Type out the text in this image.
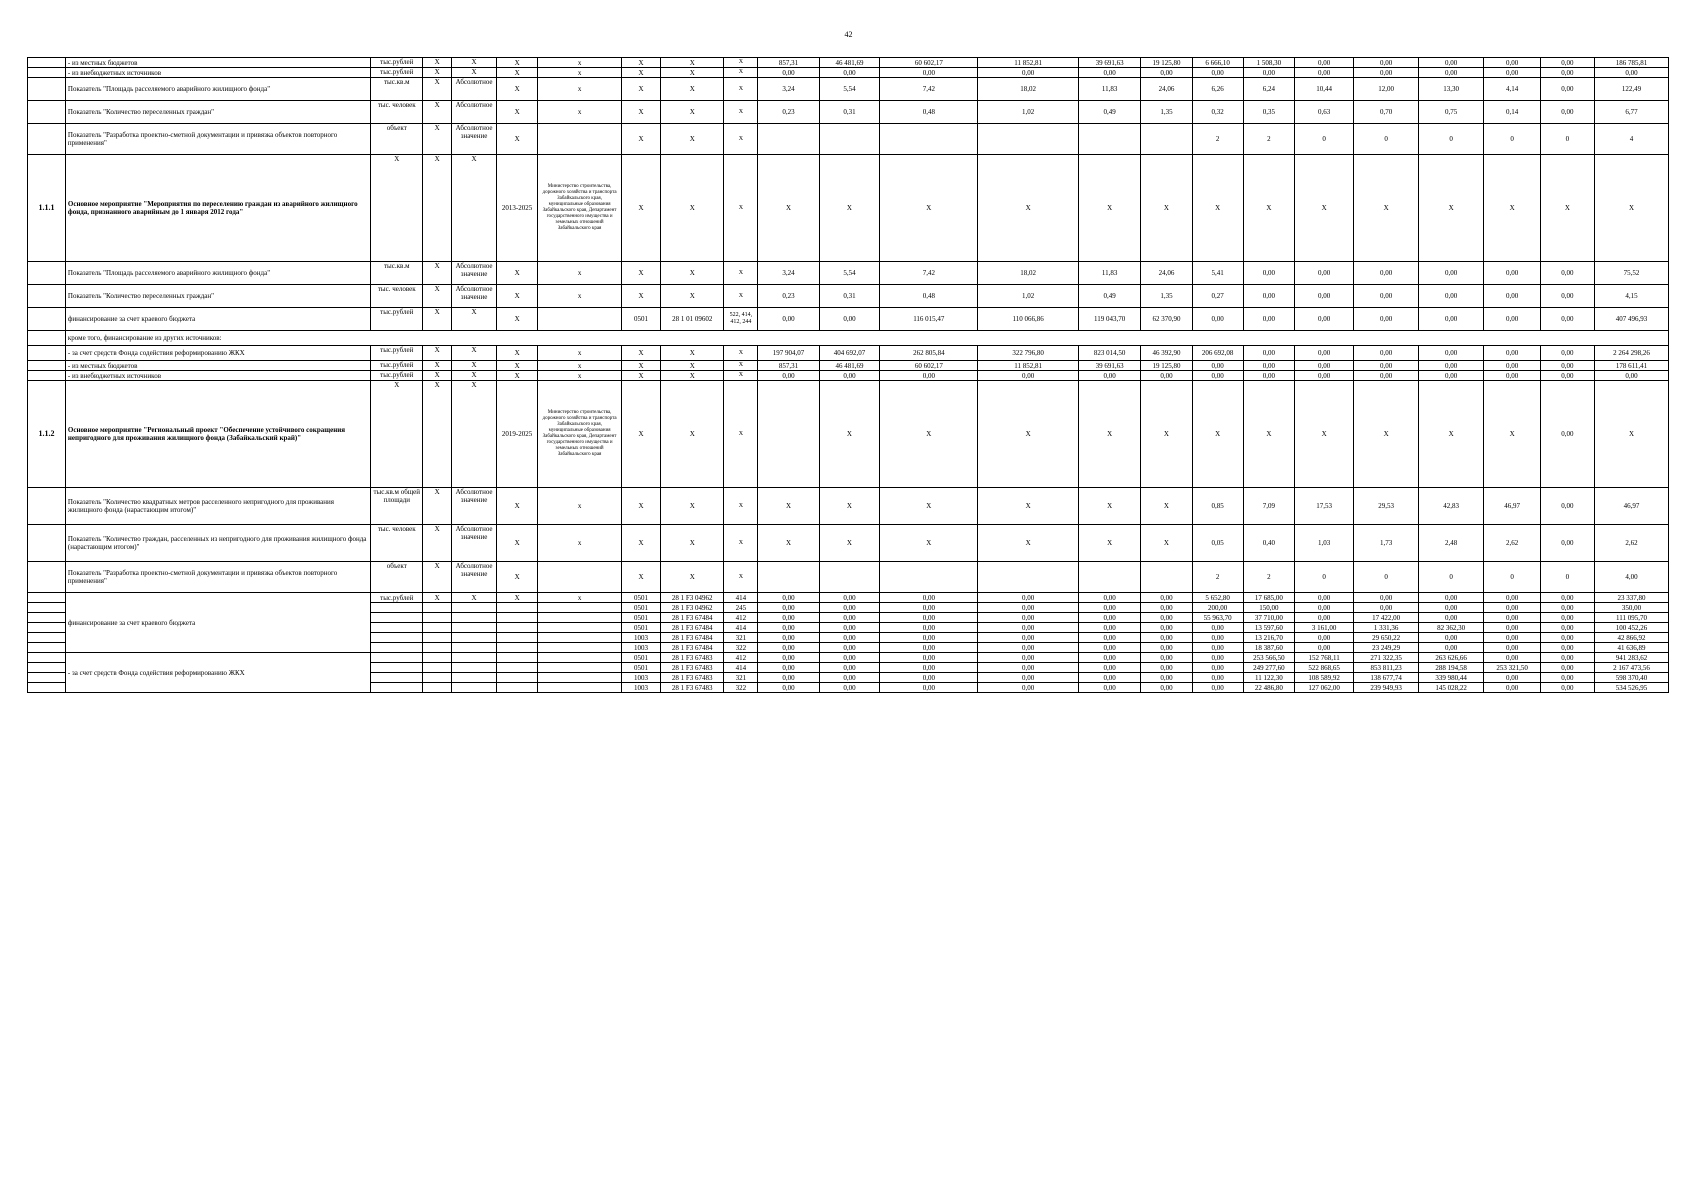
42
	- из местных бюджетов	тыс.рублей	X	X	X	x	X	X	X	857,31	46 481,69	60 602,17	11 852,81	39 691,63	19 125,80	6 666,10	1 508,30	0,00	0,00	0,00	0,00	0,00	186 785,81
	- из внебюджетных источников	тыс.рублей	X	X	X	x	X	X	X	0,00	0,00	0,00	0,00	0,00	0,00	0,00	0,00	0,00	0,00	0,00	0,00	0,00	0,00
	Показатель "Площадь расселяемого аварийного жилищного фонда"	тыс.кв.м	X	Абсолютное	X	x	X	X	X	3,24	5,54	7,42	18,02	11,83	24,06	6,26	6,24	10,44	12,00	13,30	4,14	0,00	122,49
	Показатель "Количество переселенных граждан"	тыс. человек	X	Абсолютное	X	x	X	X	X	0,23	0,31	0,48	1,02	0,49	1,35	0,32	0,35	0,63	0,70	0,75	0,14	0,00	6,77
	Показатель "Разработка проектно-сметной документации и привязка объектов повторного применения"	объект	X	Абсолютное значение	X		X	X	X							2	2	0	0	0	0	0	4
1.1.1	Основное мероприятие "Мероприятия по переселению граждан из аварийного жилищного фонда, признанного аварийным до 1 января 2012 года"	X	X	X	2013-2025	Министерство строительства, дорожного хозяйства и транспорта Забайкальского края, муниципальные образования Забайкальского края, Департамент государственного имущества и земельных отношений Забайкальского края	X	X	X	X	X	X	X	X	X	X	X	X	X	X	X	X	X
	Показатель "Площадь расселяемого аварийного жилищного фонда"	тыс.кв.м	X	Абсолютное значение	X	x	X	X	X	3,24	5,54	7,42	18,02	11,83	24,06	5,41	0,00	0,00	0,00	0,00	0,00	0,00	75,52
	Показатель "Количество переселенных граждан"	тыс. человек	X	Абсолютное значение	X	x	X	X	X	0,23	0,31	0,48	1,02	0,49	1,35	0,27	0,00	0,00	0,00	0,00	0,00	0,00	4,15
	финансирование за счет краевого бюджета	тыс.рублей	X	X	X		0501	28 1 01 09602	522, 414, 412, 244	0,00	0,00	116 015,47	110 066,86	119 043,70	62 370,90	0,00	0,00	0,00	0,00	0,00	0,00	0,00	407 496,93
	кроме того, финансирование из других источников:																						
	- за счет средств Фонда содействия реформированию ЖКХ	тыс.рублей	X	X	X	x	X	X	X	197 904,07	404 692,07	262 805,84	322 796,80	823 014,50	46 392,90	206 692,08	0,00	0,00	0,00	0,00	0,00	0,00	2 264 298,26
	- из местных бюджетов	тыс.рублей	X	X	X	x	X	X	X	857,31	46 481,69	60 602,17	11 852,81	39 691,63	19 125,80	0,00	0,00	0,00	0,00	0,00	0,00	0,00	178 611,41
	- из внебюджетных источников	тыс.рублей	X	X	X	x	X	X	X	0,00	0,00	0,00	0,00	0,00	0,00	0,00	0,00	0,00	0,00	0,00	0,00	0,00	0,00
1.1.2	Основное мероприятие "Региональный проект "Обеспечение устойчивого сокращения непригодного для проживания жилищного фонда (Забайкальский край)"	X	X	X	2019-2025	Министерство строительства, дорожного хозяйства и транспорта Забайкальского края, муниципальные образования Забайкальского края, Департамент государственного имущества и земельных отношений Забайкальского края	X	X	X		X	X	X	X	X	X	X	X	X	X	X	0,00	X
	Показатель "Количество квадратных метров расселенного непригодного для проживания жилищного фонда (нарастающим итогом)"	тыс.кв.м общей площади	X	Абсолютное значение	X	x	X	X	X	X	X	X	X	X	X	0,85	7,09	17,53	29,53	42,83	46,97	0,00	46,97
	Показатель "Количество граждан, расселенных из непригодного для проживания жилищного фонда (нарастающим итогом)"	тыс. человек	X	Абсолютное значение	X	x	X	X	X	X	X	X	X	X	X	0,05	0,40	1,03	1,73	2,48	2,62	0,00	2,62
	Показатель "Разработка проектно-сметной документации и привязка объектов повторного применения"	объект	X	Абсолютное значение	X		X	X	X							2	2	0	0	0	0	0	4,00
	финансирование за счет краевого бюджета	тыс.рублей	X	X	X	x	0501	28 1 F3 04962	414	0,00	0,00	0,00	0,00	0,00	0,00	5 652,80	17 685,00	0,00	0,00	0,00	0,00	0,00	23 337,80
							0501	28 1 F3 04962	245	0,00	0,00	0,00	0,00	0,00	0,00	200,00	150,00	0,00	0,00	0,00	0,00	0,00	350,00
							0501	28 1 F3 67484	412	0,00	0,00	0,00	0,00	0,00	0,00	55 963,70	37 710,00	0,00	17 422,00	0,00	0,00	0,00	111 095,70
							0501	28 1 F3 67484	414	0,00	0,00	0,00	0,00	0,00	0,00	0,00	13 597,60	3 161,00	1 331,36	82 362,30	0,00	0,00	100 452,26
							1003	28 1 F3 67484	321	0,00	0,00	0,00	0,00	0,00	0,00	0,00	13 216,70	0,00	29 650,22	0,00	0,00	0,00	42 866,92
							1003	28 1 F3 67484	322	0,00	0,00	0,00	0,00	0,00	0,00	0,00	18 387,60	0,00	23 249,29	0,00	0,00	0,00	41 636,89
	- за счет средств Фонда содействия реформированию ЖКХ						0501	28 1 F3 67483	412	0,00	0,00	0,00	0,00	0,00	0,00	0,00	253 566,50	152 768,11	271 322,35	263 626,66	0,00	0,00	941 283,62
							0501	28 1 F3 67483	414	0,00	0,00	0,00	0,00	0,00	0,00	0,00	249 277,60	522 868,65	853 811,23	288 194,58	253 321,50	0,00	2 167 473,56
							1003	28 1 F3 67483	321	0,00	0,00	0,00	0,00	0,00	0,00	0,00	11 122,30	108 589,92	138 677,74	339 980,44	0,00	0,00	598 370,40
							1003	28 1 F3 67483	322	0,00	0,00	0,00	0,00	0,00	0,00	0,00	22 486,80	127 062,00	239 949,93	145 028,22	0,00	0,00	534 526,95
